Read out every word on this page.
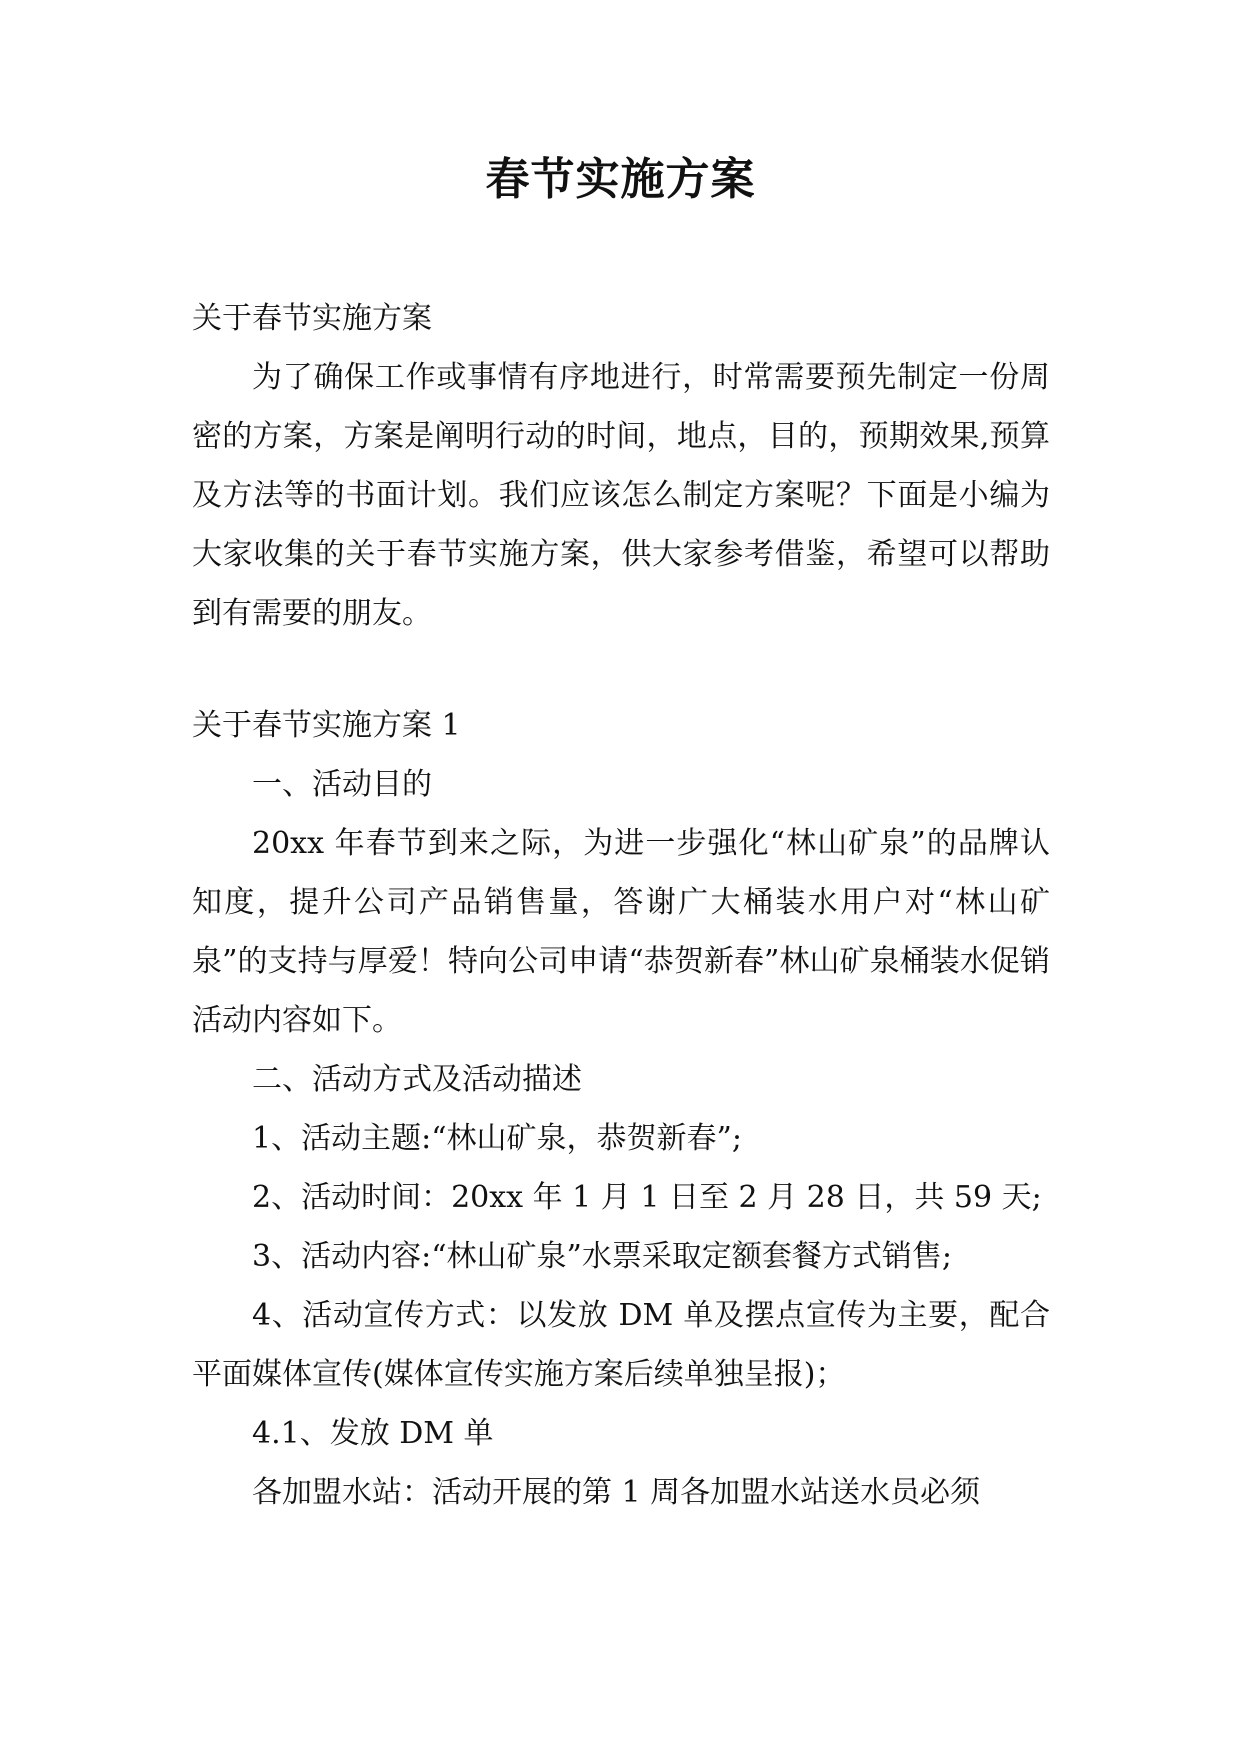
春节实施方案

关于春节实施方案

为了确保工作或事情有序地进行，时常需要预先制定一份周密的方案，方案是阐明行动的时间，地点，目的，预期效果,预算及方法等的书面计划。我们应该怎么制定方案呢？下面是小编为大家收集的关于春节实施方案，供大家参考借鉴，希望可以帮助到有需要的朋友。

关于春节实施方案 1

一、活动目的

20xx 年春节到来之际，为进一步强化“林山矿泉”的品牌认知度，提升公司产品销售量，答谢广大桶装水用户对“林山矿泉”的支持与厚爱！特向公司申请“恭贺新春”林山矿泉桶装水促销活动内容如下。

二、活动方式及活动描述

1、活动主题:“林山矿泉，恭贺新春”;

2、活动时间：20xx 年 1 月 1 日至 2 月 28 日，共 59 天;

3、活动内容:“林山矿泉”水票采取定额套餐方式销售;

4、活动宣传方式：以发放 DM 单及摆点宣传为主要，配合平面媒体宣传(媒体宣传实施方案后续单独呈报)；

4.1、发放 DM 单

各加盟水站：活动开展的第 1 周各加盟水站送水员必须
